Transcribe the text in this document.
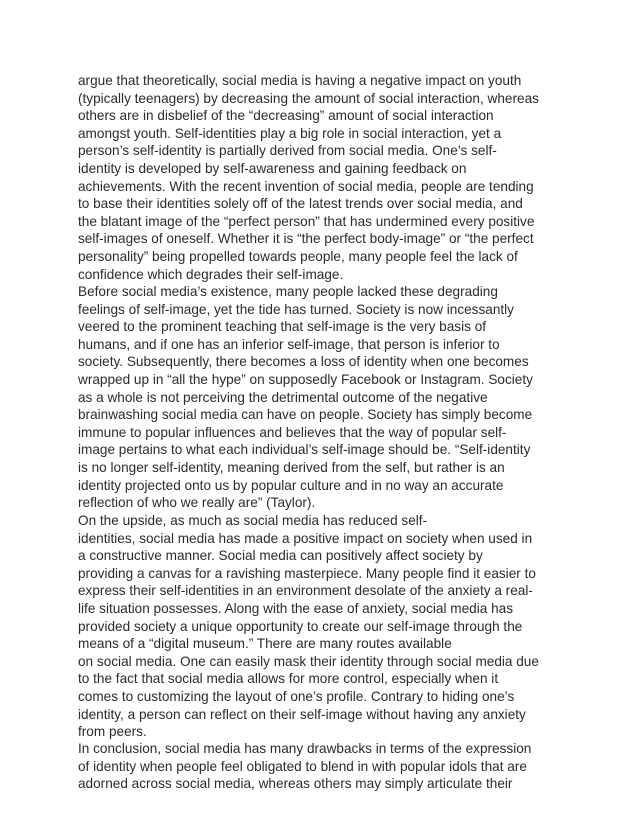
argue that theoretically, social media is having a negative impact on youth
(typically teenagers) by decreasing the amount of social interaction, whereas
others are in disbelief of the “decreasing” amount of social interaction
amongst youth. Self-identities play a big role in social interaction, yet a
person’s self-identity is partially derived from social media. One’s self-
identity is developed by self-awareness and gaining feedback on
achievements. With the recent invention of social media, people are tending
to base their identities solely off of the latest trends over social media, and
the blatant image of the “perfect person” that has undermined every positive
self-images of oneself. Whether it is “the perfect body-image” or “the perfect
personality” being propelled towards people, many people feel the lack of
confidence which degrades their self-image.
Before social media’s existence, many people lacked these degrading
feelings of self-image, yet the tide has turned. Society is now incessantly
veered to the prominent teaching that self-image is the very basis of
humans, and if one has an inferior self-image, that person is inferior to
society. Subsequently, there becomes a loss of identity when one becomes
wrapped up in “all the hype” on supposedly Facebook or Instagram. Society
as a whole is not perceiving the detrimental outcome of the negative
brainwashing social media can have on people. Society has simply become
immune to popular influences and believes that the way of popular self-
image pertains to what each individual’s self-image should be. “Self-identity
is no longer self-identity, meaning derived from the self, but rather is an
identity projected onto us by popular culture and in no way an accurate
reflection of who we really are” (Taylor).
On the upside, as much as social media has reduced self-
identities, social media has made a positive impact on society when used in
a constructive manner. Social media can positively affect society by
providing a canvas for a ravishing masterpiece. Many people find it easier to
express their self-identities in an environment desolate of the anxiety a real-
life situation possesses. Along with the ease of anxiety, social media has
provided society a unique opportunity to create our self-image through the
means of a “digital museum.” There are many routes available
on social media. One can easily mask their identity through social media due
to the fact that social media allows for more control, especially when it
comes to customizing the layout of one’s profile. Contrary to hiding one’s
identity, a person can reflect on their self-image without having any anxiety
from peers.
In conclusion, social media has many drawbacks in terms of the expression
of identity when people feel obligated to blend in with popular idols that are
adorned across social media, whereas others may simply articulate their
